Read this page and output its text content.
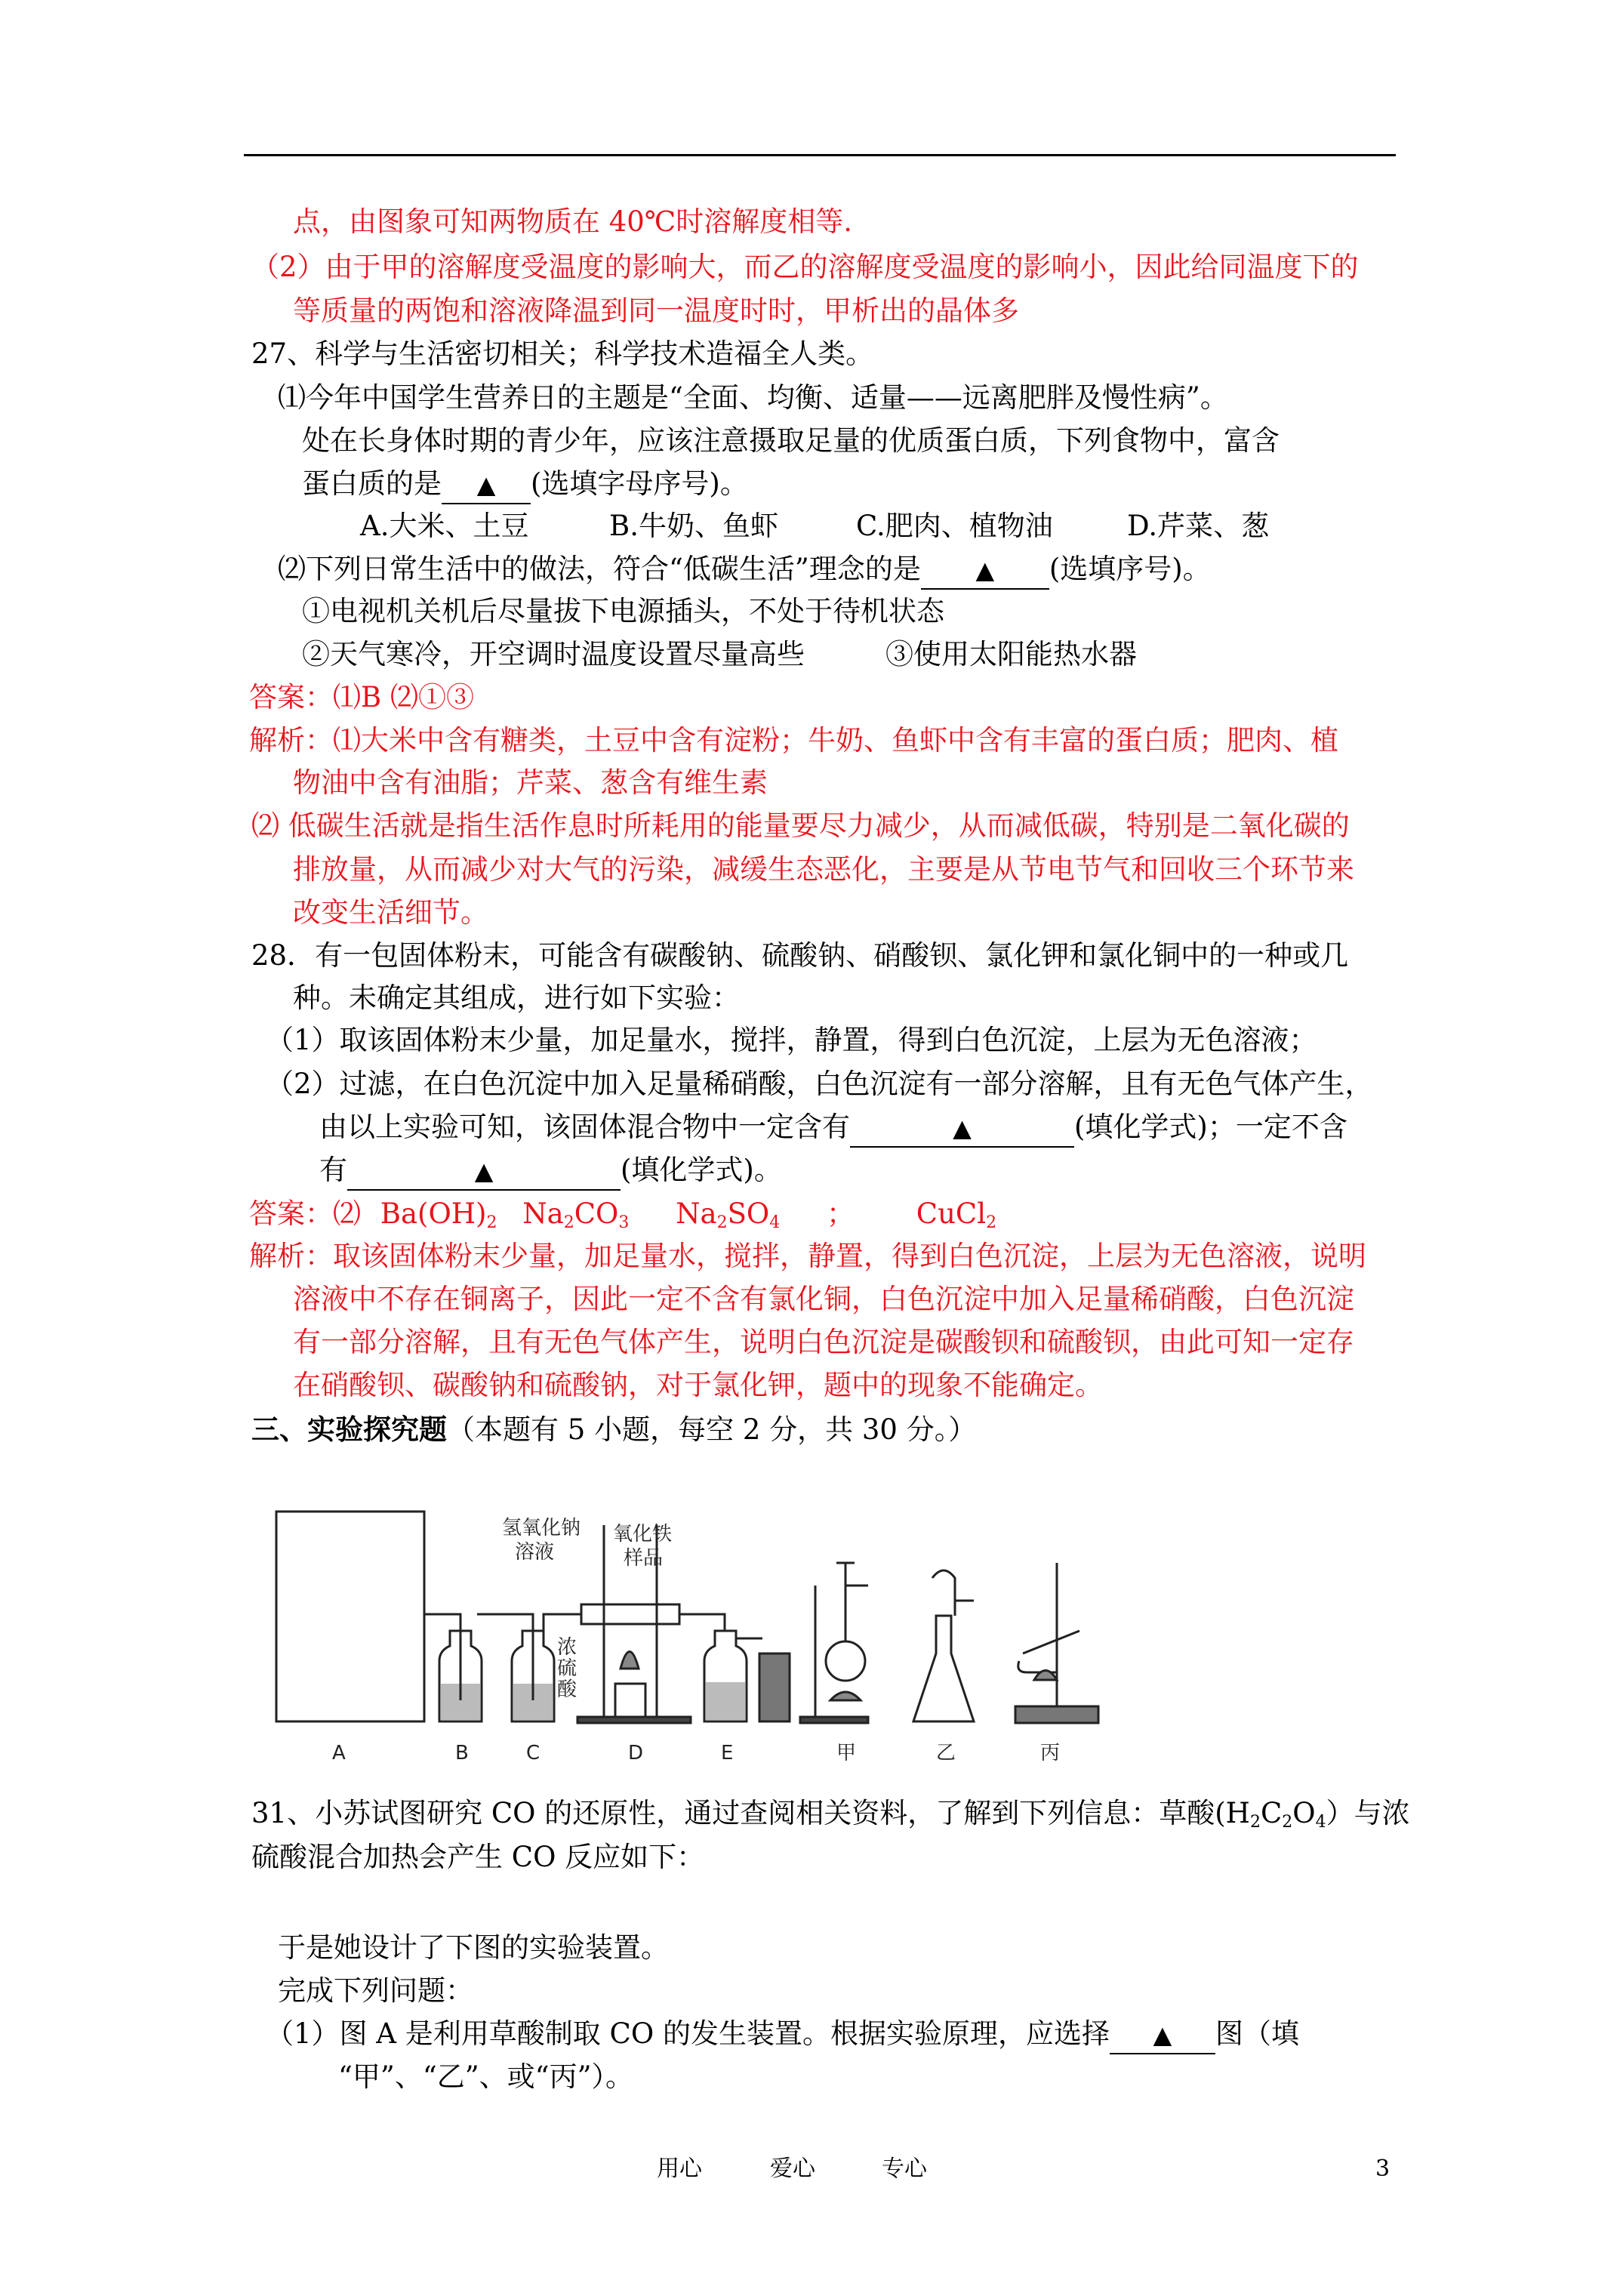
点，由图象可知两物质在 40℃时溶解度相等.
（2）由于甲的溶解度受温度的影响大，而乙的溶解度受温度的影响小，因此给同温度下的
等质量的两饱和溶液降温到同一温度时时，甲析出的晶体多
27、科学与生活密切相关；科学技术造福全人类。
⑴今年中国学生营养日的主题是“全面、均衡、适量——远离肥胖及慢性病”。
处在长身体时期的青少年，应该注意摄取足量的优质蛋白质，下列食物中，富含
蛋白质的是 ▲ (选填字母序号)。
A.大米、土豆	B.牛奶、鱼虾	C.肥肉、植物油	D.芹菜、葱
⑵下列日常生活中的做法，符合“低碳生活”理念的是 ▲ (选填序号)。
①电视机关机后尽量拔下电源插头，不处于待机状态
②天气寒冷，开空调时温度设置尽量高些	③使用太阳能热水器
答案：⑴B ⑵①③
解析：⑴大米中含有糖类，土豆中含有淀粉；牛奶、鱼虾中含有丰富的蛋白质；肥肉、植
物油中含有油脂；芹菜、葱含有维生素
⑵ 低碳生活就是指生活作息时所耗用的能量要尽力减少，从而减低碳，特别是二氧化碳的
排放量，从而减少对大气的污染，减缓生态恶化，主要是从节电节气和回收三个环节来
改变生活细节。
28．有一包固体粉末，可能含有碳酸钠、硫酸钠、硝酸钡、氯化钾和氯化铜中的一种或几
种。未确定其组成，进行如下实验：
（1）取该固体粉末少量，加足量水，搅拌，静置，得到白色沉淀，上层为无色溶液；
（2）过滤，在白色沉淀中加入足量稀硝酸，白色沉淀有一部分溶解，且有无色气体产生，
由以上实验可知，该固体混合物中一定含有	▲	(填化学式)；一定不含
有	▲	(填化学式)。
答案：⑵ $Ba(OH)_2$ $Na_2CO_3$ $Na_2SO_4$ ； CuCl$_2$
解析：取该固体粉末少量，加足量水，搅拌，静置，得到白色沉淀，上层为无色溶液，说明
溶液中不存在铜离子，因此一定不含有氯化铜，白色沉淀中加入足量稀硝酸，白色沉淀
有一部分溶解，且有无色气体产生，说明白色沉淀是碳酸钡和硫酸钡，由此可知一定存
在硝酸钡、碳酸钠和硫酸钠，对于氯化钾，题中的现象不能确定。
三、实验探究题（本题有 5 小题，每空 2 分，共 30 分。）
氢氧化钠
溶液
氧化铁
样品
浓
硫
酸
A	B	C	D	E	甲	乙	丙
31、小苏试图研究 CO 的还原性，通过查阅相关资料，了解到下列信息：草酸$(H_2C_2O_4)$与浓
硫酸混合加热会产生 CO 反应如下：
于是她设计了下图的实验装置。
完成下列问题：
（1）图 A 是利用草酸制取 CO 的发生装置。根据实验原理，应选择 ▲ 图（填
“甲”、“乙”、或“丙”）。
用心	爱心	专心	3
